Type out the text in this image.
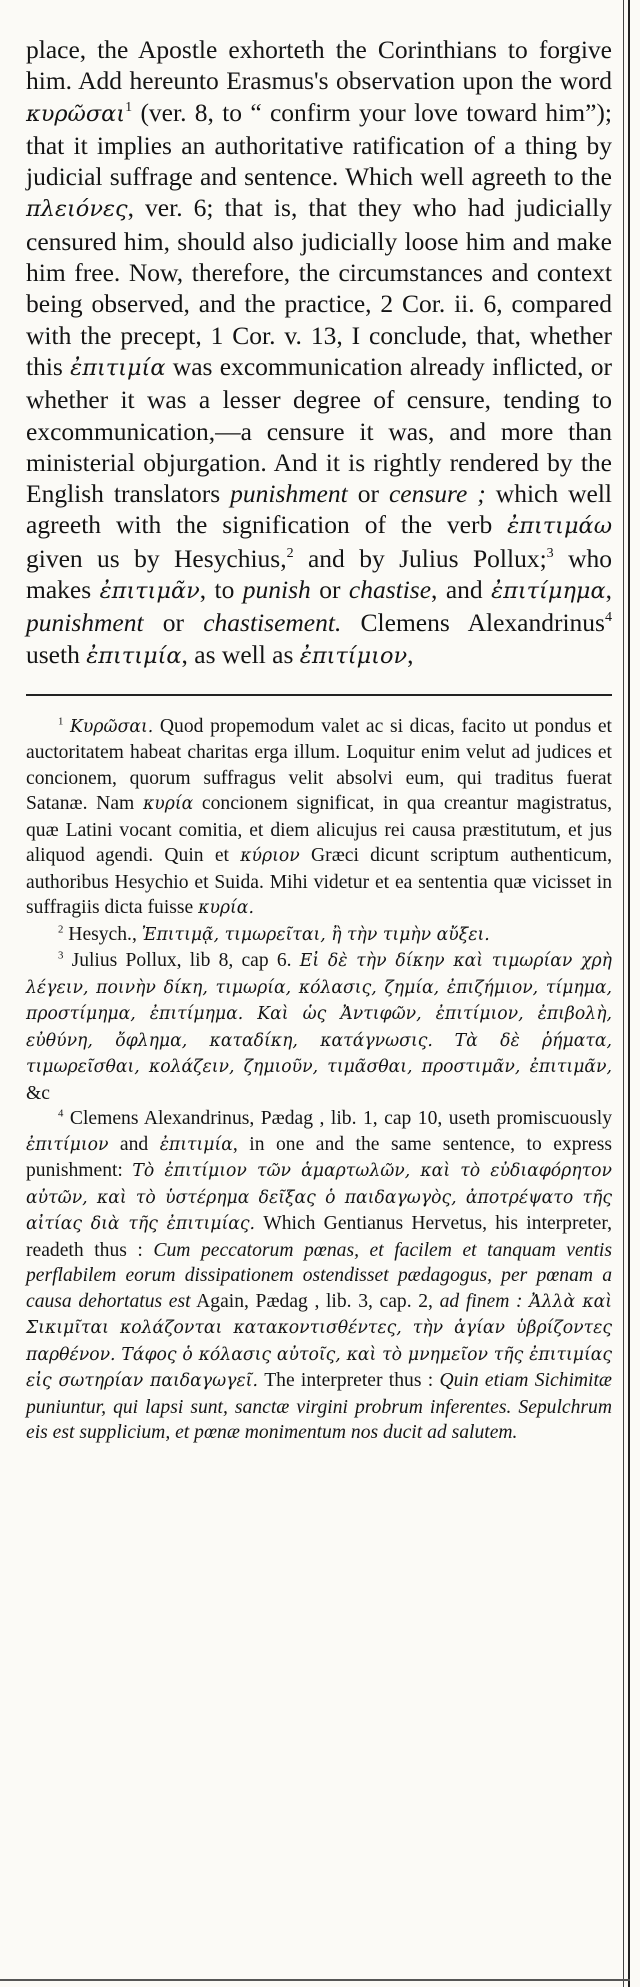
place, the Apostle exhorteth the Corinthians to forgive him. Add hereunto Erasmus's observation upon the word κυρῶσαι$^1$ (ver. 8, to “ confirm your love toward him”); that it implies an authoritative ratification of a thing by judicial suffrage and sentence. Which well agreeth to the πλειόνες, ver. 6; that is, that they who had judicially censured him, should also judicially loose him and make him free. Now, therefore, the circumstances and context being observed, and the practice, 2 Cor. ii. 6, compared with the precept, 1 Cor. v. 13, I conclude, that, whether this ἐπιτιμία was excommunication already inflicted, or whether it was a lesser degree of censure, tending to excommunication,—a censure it was, and more than ministerial objurgation. And it is rightly rendered by the English translators punishment or censure ; which well agreeth with the signification of the verb ἐπιτιμάω given us by Hesychius,$^2$ and by Julius Pollux;$^3$ who makes ἐπιτιμᾶν, to punish or chastise, and ἐπιτίμημα, punishment or chastisement. Clemens Alexandrinus$^4$ useth ἐπιτιμία, as well as ἐπιτίμιον,

$^1$ Κυρῶσαι. Quod propemodum valet ac si dicas, facito ut pondus et auctoritatem habeat charitas erga illum. Loquitur enim velut ad judices et concionem, quorum suffragus velit absolvi eum, qui traditus fuerat Satanæ. Nam κυρία concionem significat, in qua creantur magistratus, quæ Latini vocant comitia, et diem alicujus rei causa præstitutum, et jus aliquod agendi. Quin et κύριον Græci dicunt scriptum authenticum, authoribus Hesychio et Suida. Mihi videtur et ea sententia quæ vicisset in suffragiis dicta fuisse κυρία.

$^2$ Hesych., Ἐπιτιμᾷ, τιμωρεῖται, ἢ τὴν τιμὴν αὔξει.

$^3$ Julius Pollux, lib 8, cap 6. Εἰ δὲ τὴν δίκην καὶ τιμωρίαν χρὴ λέγειν, ποινὴν δίκη, τιμωρία, κόλασις, ζημία, ἐπιζήμιον, τίμημα, προστίμημα, ἐπιτίμημα. Καὶ ὡς Ἀντιφῶν, ἐπιτίμιον, ἐπιβολὴ, εὐθύνη, ὄφλημα, καταδίκη, κατάγνωσις. Τὰ δὲ ῥήματα, τιμωρεῖσθαι, κολάζειν, ζημιοῦν, τιμᾶσθαι, προστιμᾶν, ἐπιτιμᾶν, &c

$^4$ Clemens Alexandrinus, Pædag , lib. 1, cap 10, useth promiscuously ἐπιτίμιον and ἐπιτιμία, in one and the same sentence, to express punishment: Τὸ ἐπιτίμιον τῶν ἁμαρτωλῶν, καὶ τὸ εὐδιαφόρητον αὐτῶν, καὶ τὸ ὑστέρημα δεῖξας ὁ παιδαγωγὸς, ἀποτρέψατο τῆς αἰτίας διὰ τῆς ἐπιτιμίας. Which Gentianus Hervetus, his interpreter, readeth thus : Cum peccatorum pœnas, et facilem et tanquam ventis perflabilem eorum dissipationem ostendisset pædagogus, per pœnam a causa dehortatus est Again, Pædag , lib. 3, cap. 2, ad finem : Ἀλλὰ καὶ Σικιμῖται κολάζονται κατακοντισθέντες, τὴν ἁγίαν ὑβρίζοντες παρθένον. Τάφος ὁ κόλασις αὐτοῖς, καὶ τὸ μνημεῖον τῆς ἐπιτιμίας εἰς σωτηρίαν παιδαγωγεῖ. The interpreter thus : Quin etiam Sichimitæ puniuntur, qui lapsi sunt, sanctæ virgini probrum inferentes. Sepulchrum eis est supplicium, et pœnæ monimentum nos ducit ad salutem.
